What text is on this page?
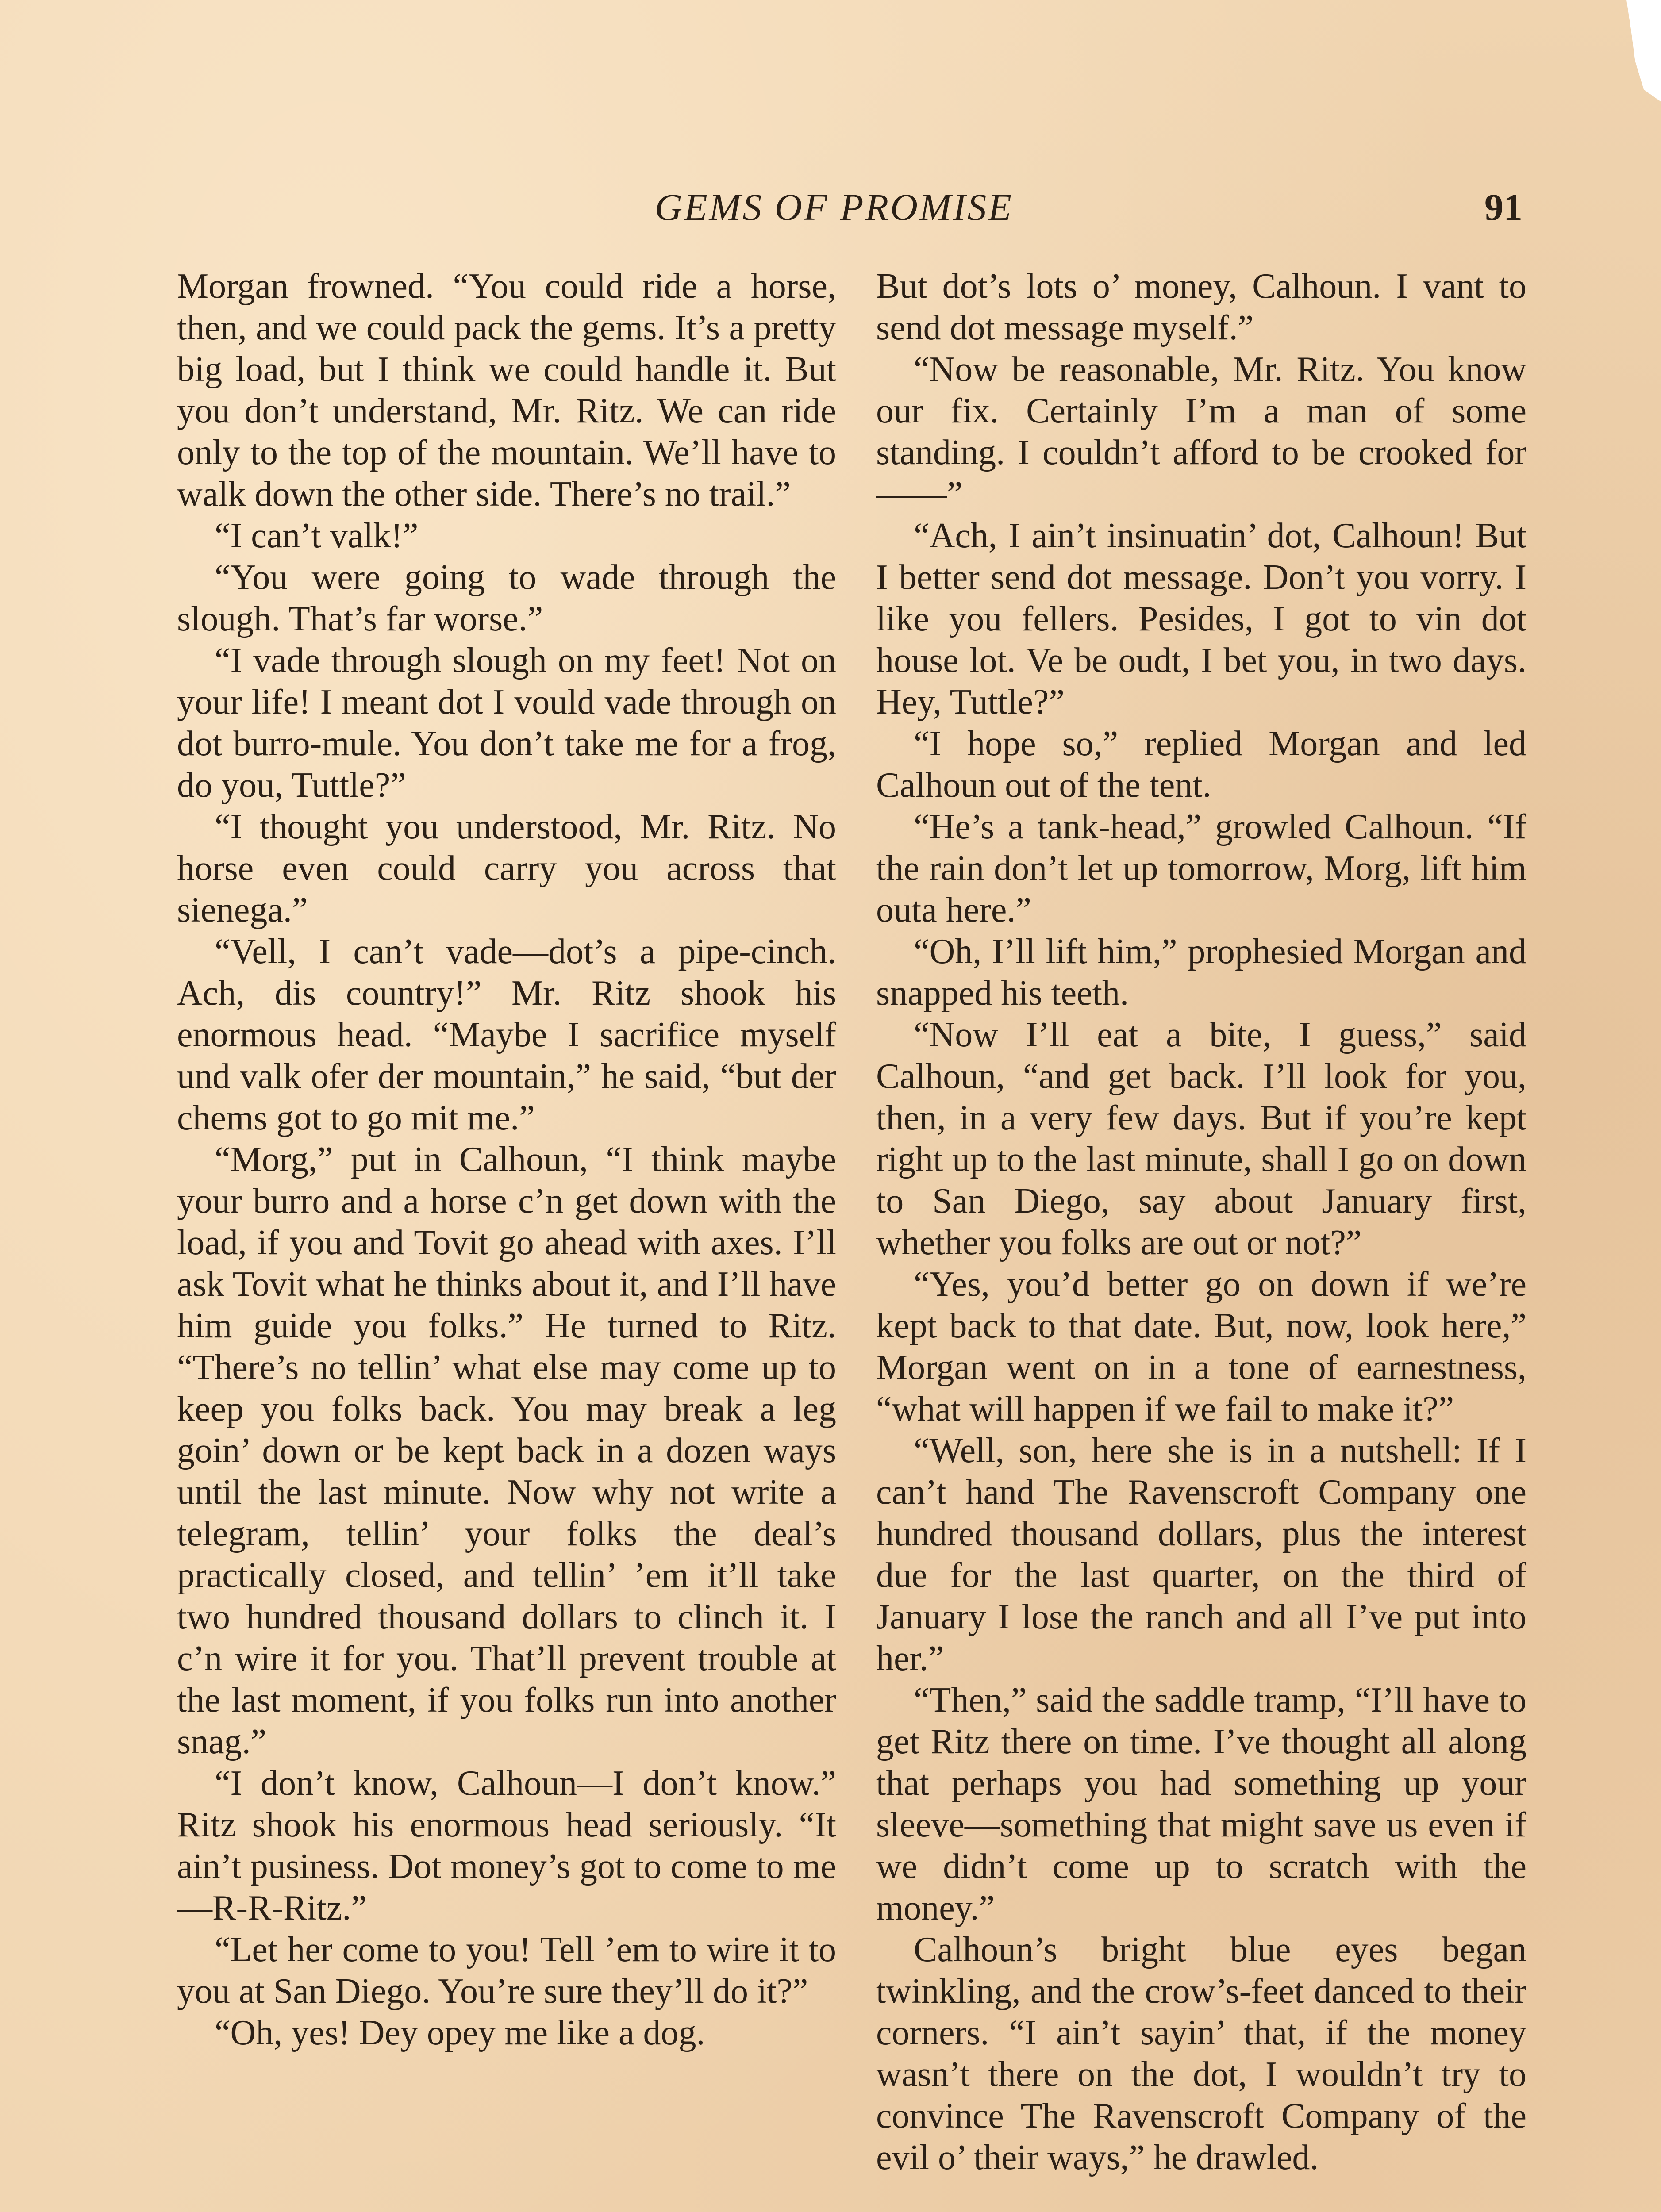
GEMS OF PROMISE	91

Morgan frowned. “You could ride a horse, then, and we could pack the gems. It’s a pretty big load, but I think we could handle it. But you don’t understand, Mr. Ritz. We can ride only to the top of the mountain. We’ll have to walk down the other side. There’s no trail.”

“I can’t valk!”

“You were going to wade through the slough. That’s far worse.”

“I vade through slough on my feet! Not on your life! I meant dot I vould vade through on dot burro-mule. You don’t take me for a frog, do you, Tuttle?”

“I thought you understood, Mr. Ritz. No horse even could carry you across that sienega.”

“Vell, I can’t vade—dot’s a pipe-cinch. Ach, dis country!” Mr. Ritz shook his enormous head. “Maybe I sacrifice myself und valk ofer der mountain,” he said, “but der chems got to go mit me.”

“Morg,” put in Calhoun, “I think maybe your burro and a horse c’n get down with the load, if you and Tovit go ahead with axes. I’ll ask Tovit what he thinks about it, and I’ll have him guide you folks.” He turned to Ritz. “There’s no tellin’ what else may come up to keep you folks back. You may break a leg goin’ down or be kept back in a dozen ways until the last minute. Now why not write a telegram, tellin’ your folks the deal’s practically closed, and tellin’ ’em it’ll take two hundred thousand dollars to clinch it. I c’n wire it for you. That’ll prevent trouble at the last moment, if you folks run into another snag.”

“I don’t know, Calhoun—I don’t know.” Ritz shook his enormous head seriously. “It ain’t pusiness. Dot money’s got to come to me—R-R-Ritz.”

“Let her come to you! Tell ’em to wire it to you at San Diego. You’re sure they’ll do it?”

“Oh, yes! Dey opey me like a dog.

But dot’s lots o’ money, Calhoun. I vant to send dot message myself.”

“Now be reasonable, Mr. Ritz. You know our fix. Certainly I’m a man of some standing. I couldn’t afford to be crooked for——”

“Ach, I ain’t insinuatin’ dot, Calhoun! But I better send dot message. Don’t you vorry. I like you fellers. Pesides, I got to vin dot house lot. Ve be oudt, I bet you, in two days. Hey, Tuttle?”

“I hope so,” replied Morgan and led Calhoun out of the tent.

“He’s a tank-head,” growled Calhoun. “If the rain don’t let up tomorrow, Morg, lift him outa here.”

“Oh, I’ll lift him,” prophesied Morgan and snapped his teeth.

“Now I’ll eat a bite, I guess,” said Calhoun, “and get back. I’ll look for you, then, in a very few days. But if you’re kept right up to the last minute, shall I go on down to San Diego, say about January first, whether you folks are out or not?”

“Yes, you’d better go on down if we’re kept back to that date. But, now, look here,” Morgan went on in a tone of earnestness, “what will happen if we fail to make it?”

“Well, son, here she is in a nutshell: If I can’t hand The Ravenscroft Company one hundred thousand dollars, plus the interest due for the last quarter, on the third of January I lose the ranch and all I’ve put into her.”

“Then,” said the saddle tramp, “I’ll have to get Ritz there on time. I’ve thought all along that perhaps you had something up your sleeve—something that might save us even if we didn’t come up to scratch with the money.”

Calhoun’s bright blue eyes began twinkling, and the crow’s-feet danced to their corners. “I ain’t sayin’ that, if the money wasn’t there on the dot, I wouldn’t try to convince The Ravenscroft Company of the evil o’ their ways,” he drawled.
